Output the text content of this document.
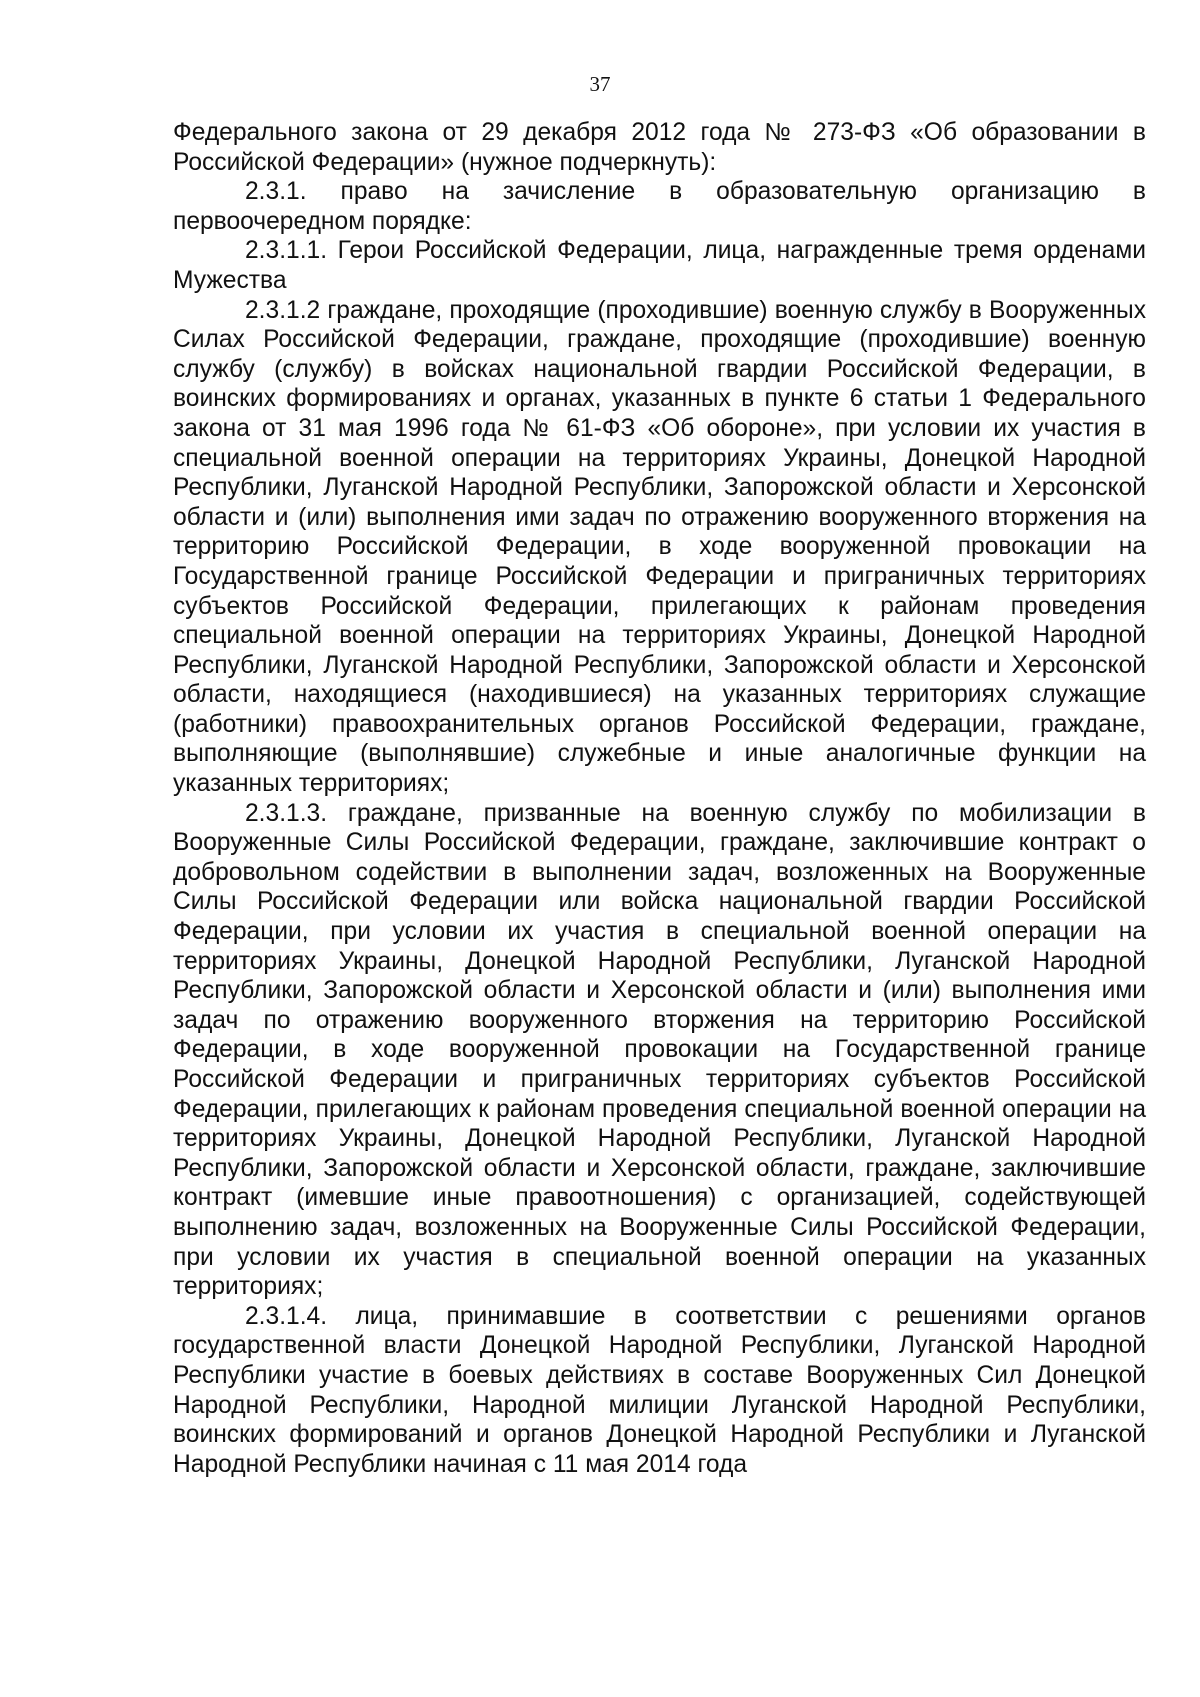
37

Федерального закона от 29 декабря 2012 года № 273-ФЗ «Об образовании в Российской Федерации» (нужное подчеркнуть):

2.3.1. право на зачисление в образовательную организацию в первоочередном порядке:

2.3.1.1. Герои Российской Федерации, лица, награжденные тремя орденами Мужества

2.3.1.2 граждане, проходящие (проходившие) военную службу в Вооруженных Силах Российской Федерации, граждане, проходящие (проходившие) военную службу (службу) в войсках национальной гвардии Российской Федерации, в воинских формированиях и органах, указанных в пункте 6 статьи 1 Федерального закона от 31 мая 1996 года № 61-ФЗ «Об обороне», при условии их участия в специальной военной операции на территориях Украины, Донецкой Народной Республики, Луганской Народной Республики, Запорожской области и Херсонской области и (или) выполнения ими задач по отражению вооруженного вторжения на территорию Российской Федерации, в ходе вооруженной провокации на Государственной границе Российской Федерации и приграничных территориях субъектов Российской Федерации, прилегающих к районам проведения специальной военной операции на территориях Украины, Донецкой Народной Республики, Луганской Народной Республики, Запорожской области и Херсонской области, находящиеся (находившиеся) на указанных территориях служащие (работники) правоохранительных органов Российской Федерации, граждане, выполняющие (выполнявшие) служебные и иные аналогичные функции на указанных территориях;

2.3.1.3. граждане, призванные на военную службу по мобилизации в Вооруженные Силы Российской Федерации, граждане, заключившие контракт о добровольном содействии в выполнении задач, возложенных на Вооруженные Силы Российской Федерации или войска национальной гвардии Российской Федерации, при условии их участия в специальной военной операции на территориях Украины, Донецкой Народной Республики, Луганской Народной Республики, Запорожской области и Херсонской области и (или) выполнения ими задач по отражению вооруженного вторжения на территорию Российской Федерации, в ходе вооруженной провокации на Государственной границе Российской Федерации и приграничных территориях субъектов Российской Федерации, прилегающих к районам проведения специальной военной операции на территориях Украины, Донецкой Народной Республики, Луганской Народной Республики, Запорожской области и Херсонской области, граждане, заключившие контракт (имевшие иные правоотношения) с организацией, содействующей выполнению задач, возложенных на Вооруженные Силы Российской Федерации, при условии их участия в специальной военной операции на указанных территориях;

2.3.1.4. лица, принимавшие в соответствии с решениями органов государственной власти Донецкой Народной Республики, Луганской Народной Республики участие в боевых действиях в составе Вооруженных Сил Донецкой Народной Республики, Народной милиции Луганской Народной Республики, воинских формирований и органов Донецкой Народной Республики и Луганской Народной Республики начиная с 11 мая 2014 года
